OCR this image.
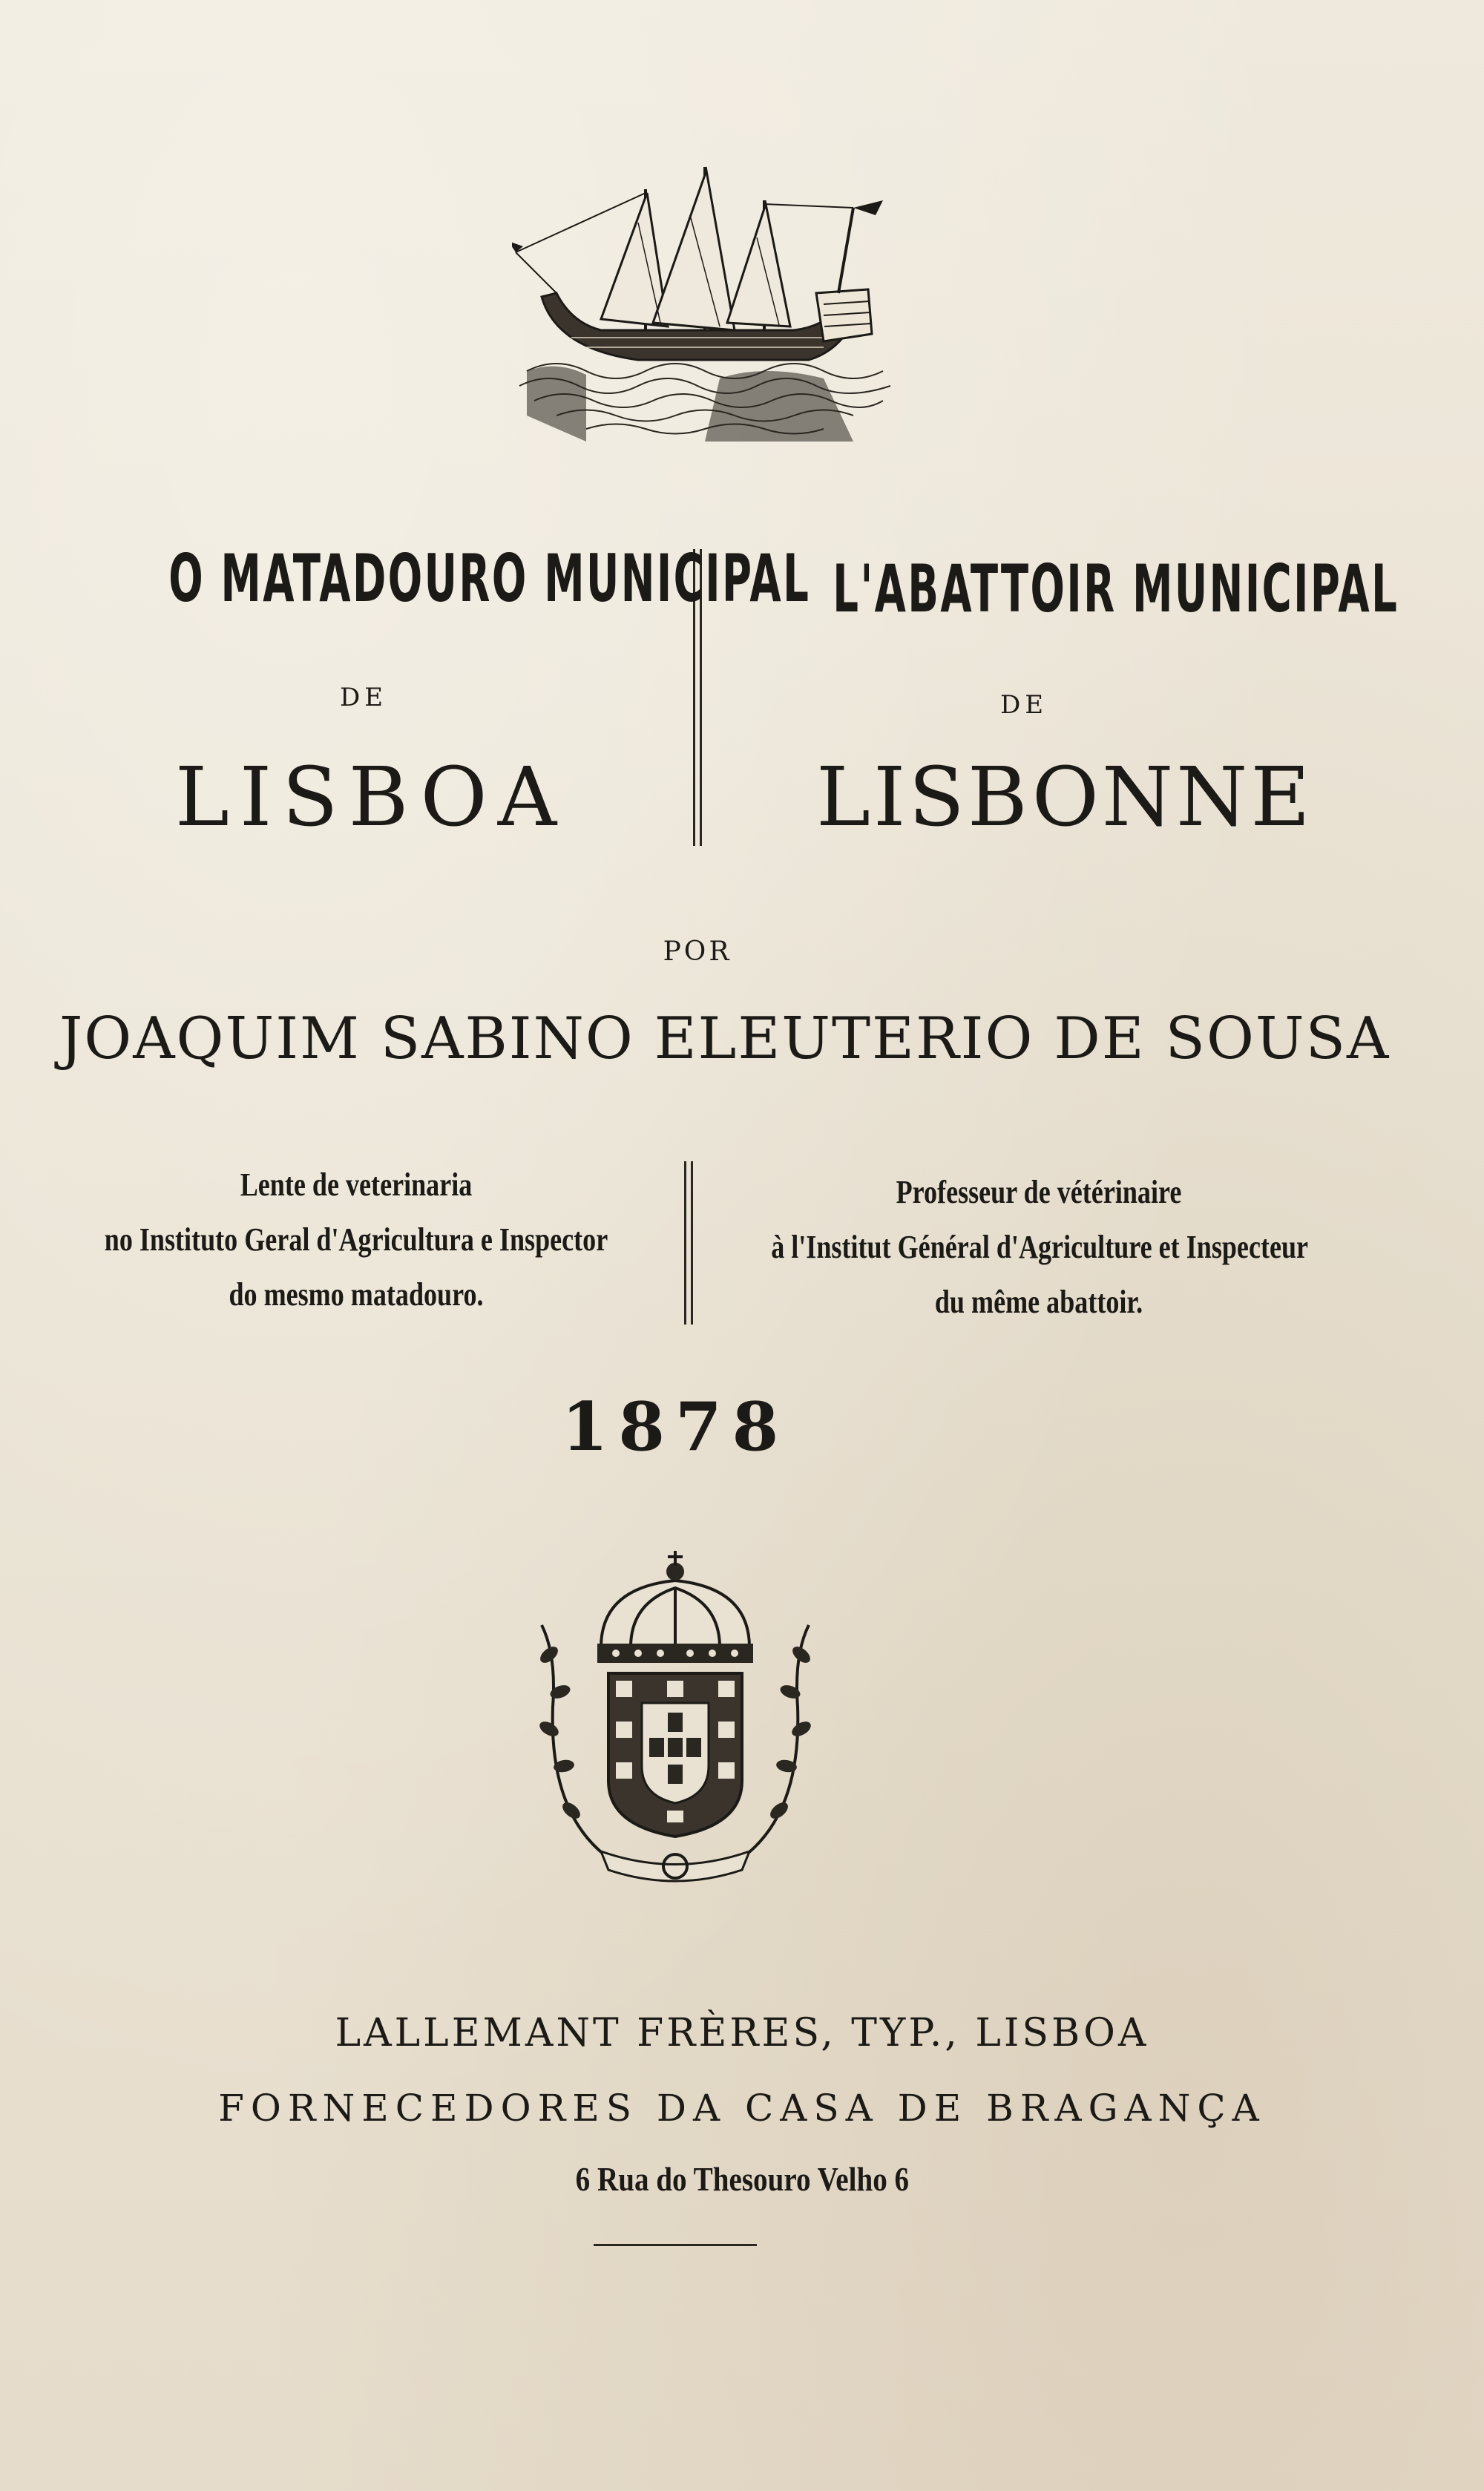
O MATADOURO MUNICIPAL
DE
LISBOA
L'ABATTOIR MUNICIPAL
DE
LISBONNE
POR
JOAQUIM SABINO ELEUTERIO DE SOUSA
Lente de veterinaria
no Instituto Geral d'Agricultura e Inspector
do mesmo matadouro.
Professeur de vétérinaire
à l'Institut Général d'Agriculture et Inspecteur
du même abattoir.
1878
LALLEMANT FRÈRES, TYP., LISBOA
FORNECEDORES DA CASA DE BRAGANÇA
6 Rua do Thesouro Velho 6
